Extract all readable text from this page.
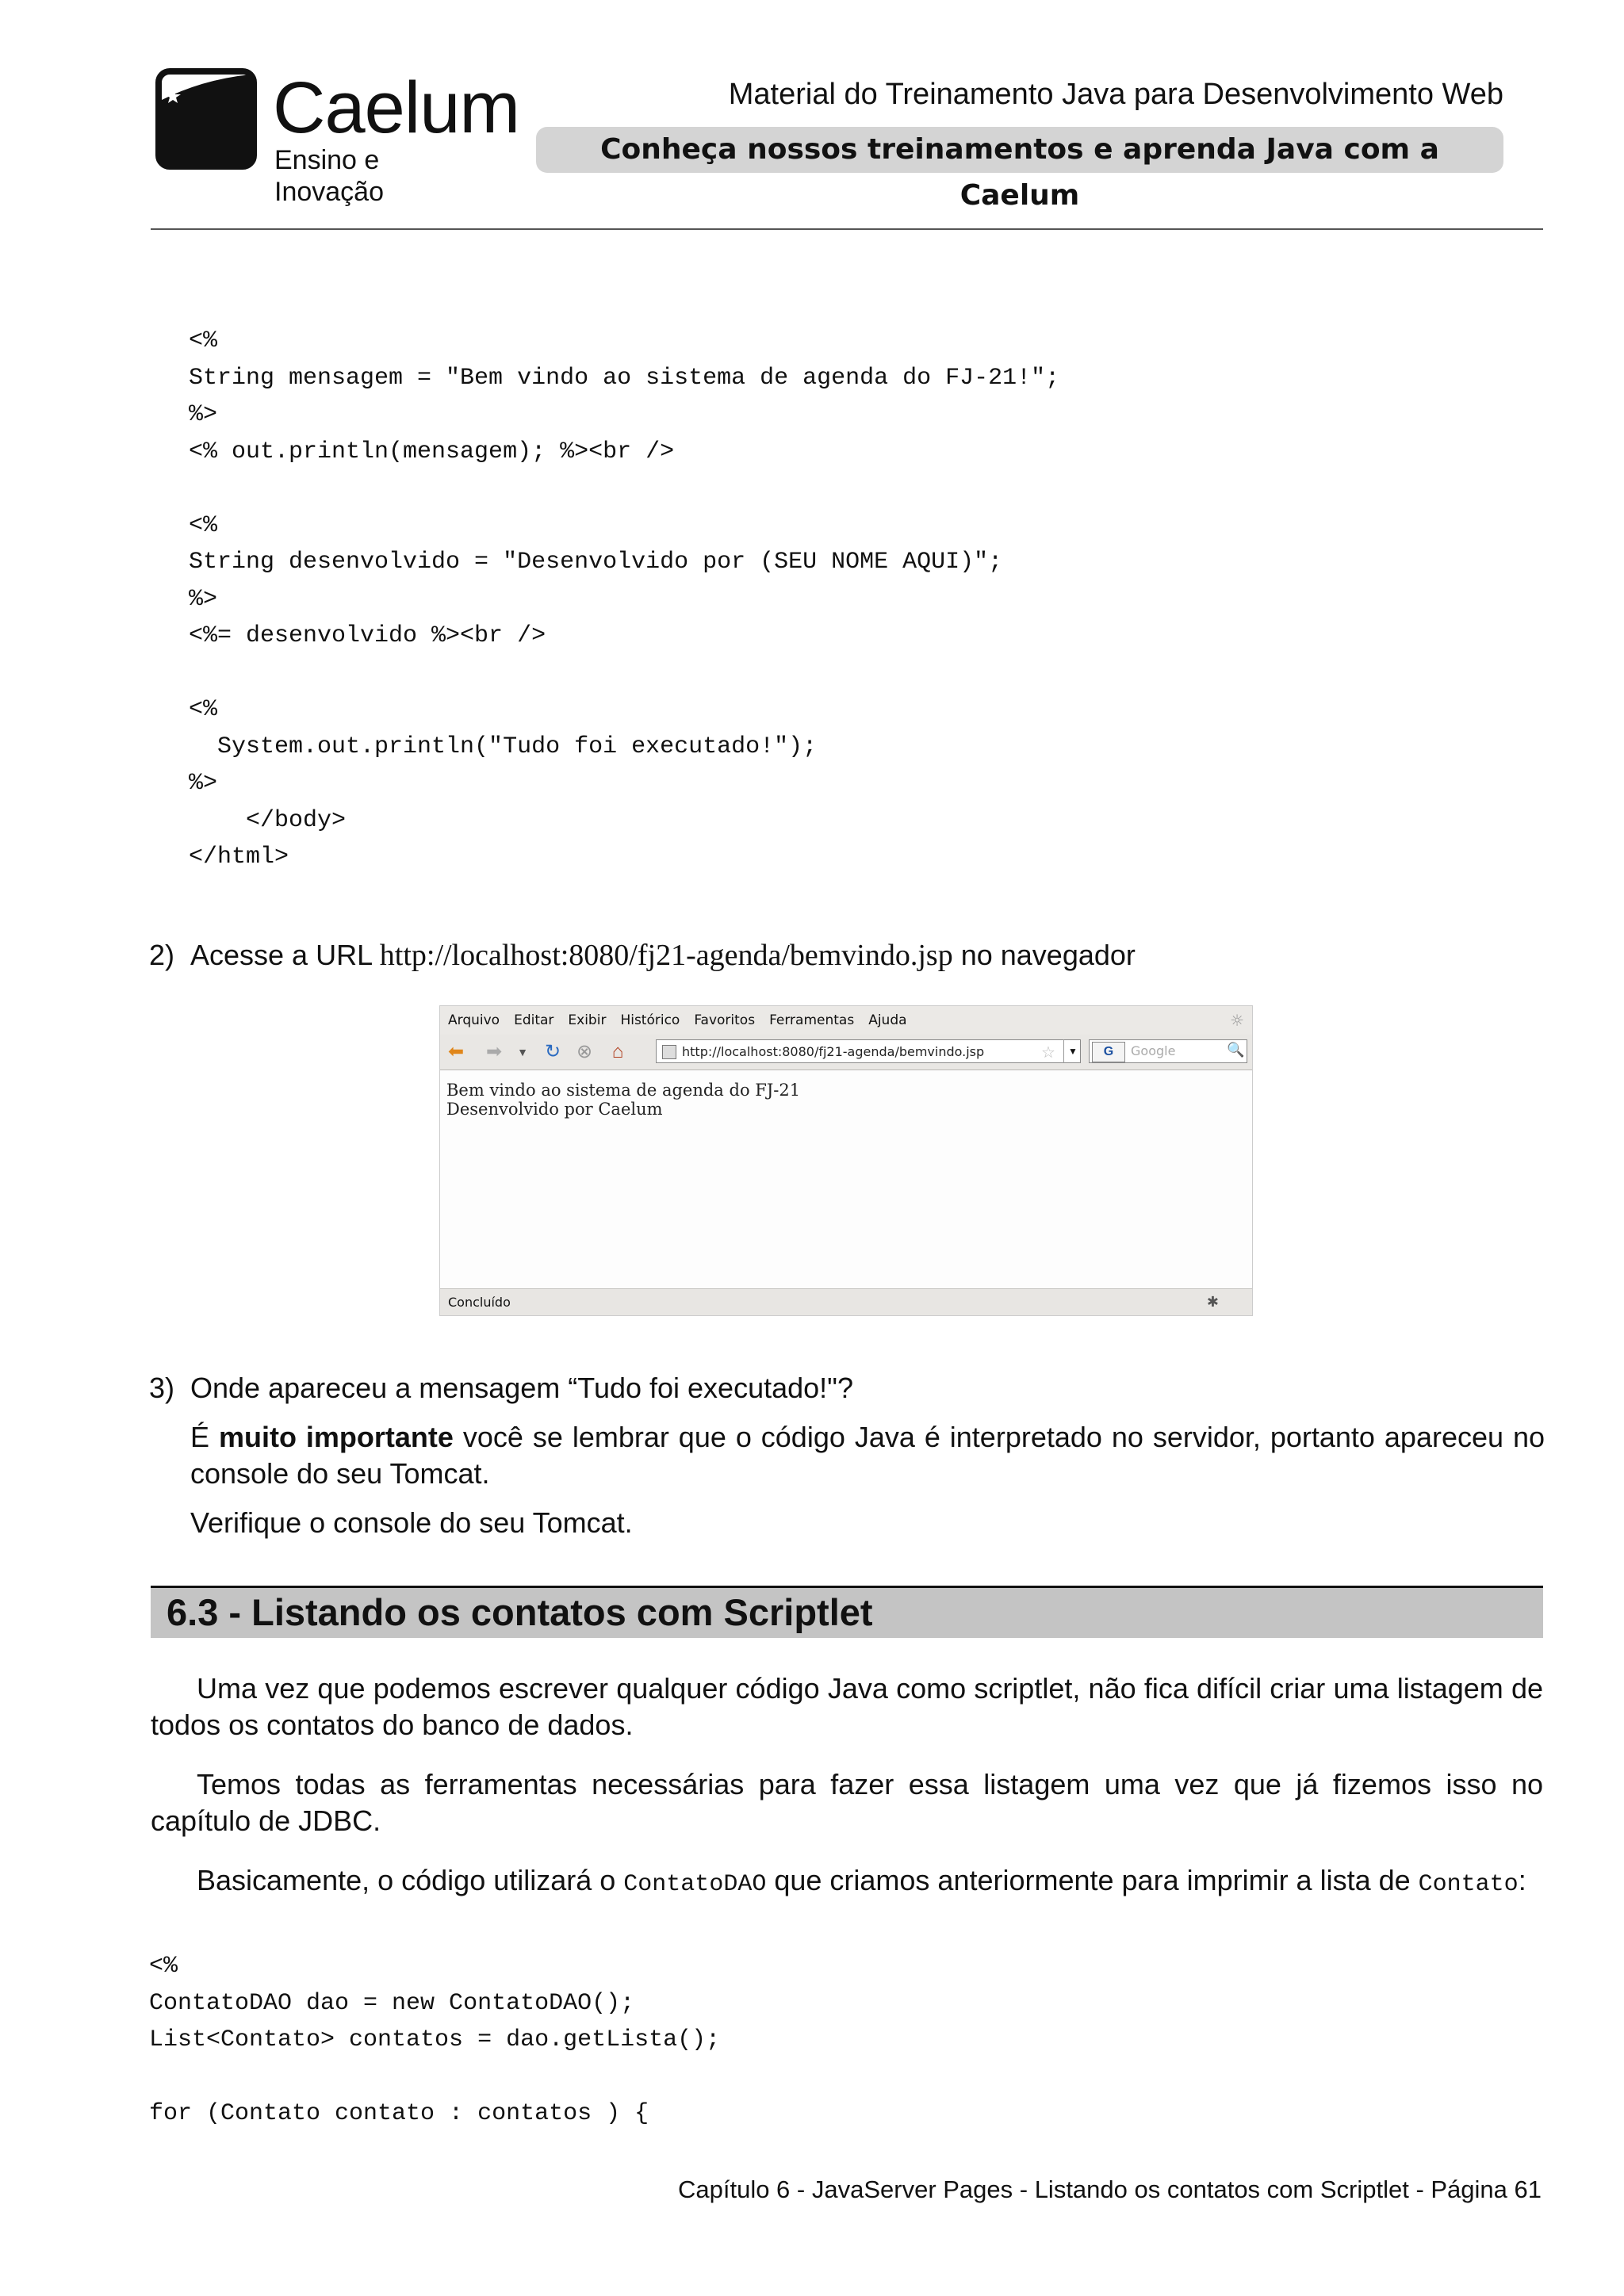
Caelum
Ensino e Inovação
Material do Treinamento Java para Desenvolvimento Web
Conheça nossos treinamentos e aprenda Java com a Caelum
<%
String mensagem = "Bem vindo ao sistema de agenda do FJ-21!";
%>
<% out.println(mensagem); %><br />

<%
String desenvolvido = "Desenvolvido por (SEU NOME AQUI)";
%>
<%= desenvolvido %><br />

<%
System.out.println("Tudo foi executado!");
%>
</body>
</html>
2) Acesse a URL http://localhost:8080/fj21-agenda/bemvindo.jsp no navegador
Arquivo Editar Exibir Histórico Favoritos Ferramentas Ajuda	☼
⬅ ➡	▼ ↻ ⊗ ⌂	http://localhost:8080/fj21-agenda/bemvindo.jsp	☆	▼	Google
G	🔍
Bem vindo ao sistema de agenda do FJ-21
Desenvolvido por Caelum
Concluído	✱
3) Onde apareceu a mensagem “Tudo foi executado!"?
É muito importante você se lembrar que o código Java é interpretado no servidor, portanto apareceu no console do seu Tomcat.
Verifique o console do seu Tomcat.
6.3 - Listando os contatos com Scriptlet
Uma vez que podemos escrever qualquer código Java como scriptlet, não fica difícil criar uma listagem de todos os contatos do banco de dados.
Temos todas as ferramentas necessárias para fazer essa listagem uma vez que já fizemos isso no capítulo de JDBC.
Basicamente, o código utilizará o ContatoDAO que criamos anteriormente para imprimir a lista de Contato:
<%
ContatoDAO dao = new ContatoDAO();
List<Contato> contatos = dao.getLista();

for (Contato contato : contatos ) {
Capítulo 6 - JavaServer Pages - Listando os contatos com Scriptlet - Página 61
